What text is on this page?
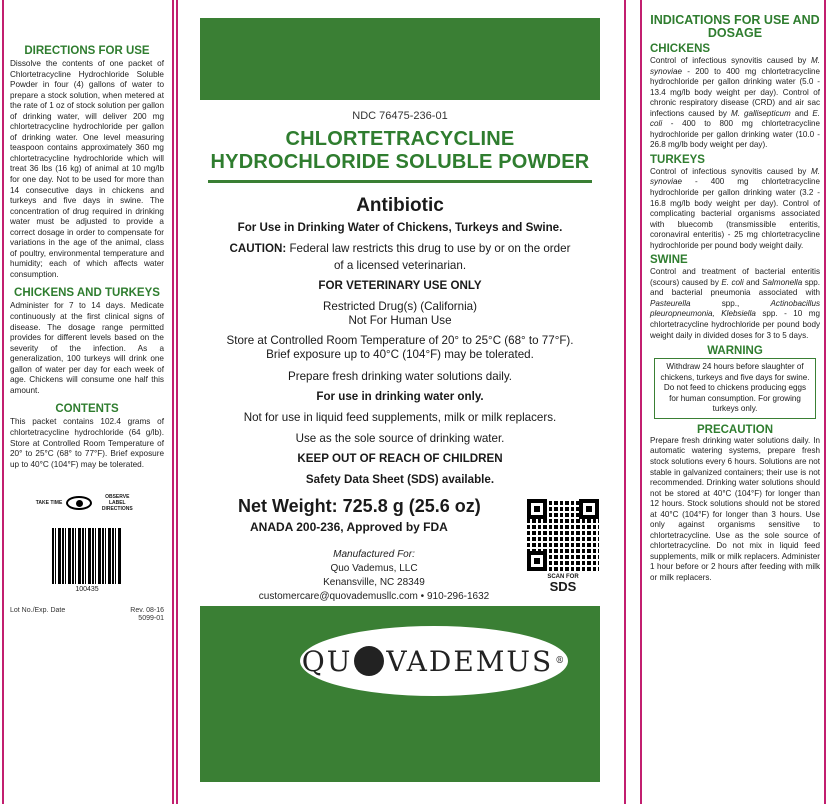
DIRECTIONS FOR USE
Dissolve the contents of one packet of Chlortetracycline Hydrochloride Soluble Powder in four (4) gallons of water to prepare a stock solution, when metered at the rate of 1 oz of stock solution per gallon of drinking water, will deliver 200 mg chlortetracycline hydrochloride per gallon of drinking water. One level measuring teaspoon contains approximately 360 mg chlortetracycline hydrochloride which will treat 36 lbs (16 kg) of animal at 10 mg/lb for one day. Not to be used for more than 14 consecutive days in chickens and turkeys and five days in swine. The concentration of drug required in drinking water must be adjusted to provide a correct dosage in order to compensate for variations in the age of the animal, class of poultry, environmental temperature and humidity; each of which affects water consumption.
CHICKENS AND TURKEYS
Administer for 7 to 14 days. Medicate continuously at the first clinical signs of disease. The dosage range permitted provides for different levels based on the severity of the infection. As a generalization, 100 turkeys will drink one gallon of water per day for each week of age. Chickens will consume one half this amount.
CONTENTS
This packet contains 102.4 grams of chlortetracycline hydrochloride (64 g/lb). Store at Controlled Room Temperature of 20° to 25°C (68° to 77°F). Brief exposure up to 40°C (104°F) may be tolerated.
TAKE TIME
OBSERVE LABEL DIRECTIONS
100435
Lot No./Exp. Date	Rev. 08-16
5099-01
NDC 76475-236-01
CHLORTETRACYCLINE
HYDROCHLORIDE SOLUBLE POWDER
Antibiotic
For Use in Drinking Water of Chickens, Turkeys and Swine.
CAUTION: Federal law restricts this drug to use by or on the order
of a licensed veterinarian.
FOR VETERINARY USE ONLY
Restricted Drug(s) (California)
Not For Human Use
Store at Controlled Room Temperature of 20° to 25°C (68° to 77°F).
Brief exposure up to 40°C (104°F) may be tolerated.
Prepare fresh drinking water solutions daily.
For use in drinking water only.
Not for use in liquid feed supplements, milk or milk replacers.
Use as the sole source of drinking water.
KEEP OUT OF REACH OF CHILDREN
Safety Data Sheet (SDS) available.
Net Weight: 725.8 g (25.6 oz)
ANADA 200-236, Approved by FDA
Manufactured For:
Quo Vademus, LLC
Kenansville, NC 28349
customercare@quovademusllc.com • 910-296-1632
SCAN FOR
SDS
QU VADEMUS ®
INDICATIONS FOR USE AND DOSAGE
CHICKENS
Control of infectious synovitis caused by M. synoviae - 200 to 400 mg chlortetracycline hydrochloride per gallon drinking water (5.0 - 13.4 mg/lb body weight per day). Control of chronic respiratory disease (CRD) and air sac infections caused by M. gallisepticum and E. coli - 400 to 800 mg chlortetracycline hydrochloride per gallon drinking water (10.0 - 26.8 mg/lb body weight per day).
TURKEYS
Control of infectious synovitis caused by M. synoviae - 400 mg chlortetracycline hydrochloride per gallon drinking water (3.2 - 16.8 mg/lb body weight per day). Control of complicating bacterial organisms associated with bluecomb (transmissible enteritis, coronaviral enteritis) - 25 mg chlortetracycline hydrochloride per pound body weight daily.
SWINE
Control and treatment of bacterial enteritis (scours) caused by E. coli and Salmonella spp. and bacterial pneumonia associated with Pasteurella spp., Actinobacillus pleuropneumonia, Klebsiella spp. - 10 mg chlortetracycline hydrochloride per pound body weight daily in divided doses for 3 to 5 days.
WARNING
Withdraw 24 hours before slaughter of chickens, turkeys and five days for swine. Do not feed to chickens producing eggs for human consumption. For growing turkeys only.
PRECAUTION
Prepare fresh drinking water solutions daily. In automatic watering systems, prepare fresh stock solutions every 6 hours. Solutions are not stable in galvanized containers; their use is not recommended. Drinking water solutions should not be stored at 40°C (104°F) for longer than 12 hours. Stock solutions should not be stored at 40°C (104°F) for longer than 3 hours. Use only against organisms sensitive to chlortetracycline. Use as the sole source of chlortetracycline. Do not mix in liquid feed supplements, milk or milk replacers. Administer 1 hour before or 2 hours after feeding with milk or milk replacers.
